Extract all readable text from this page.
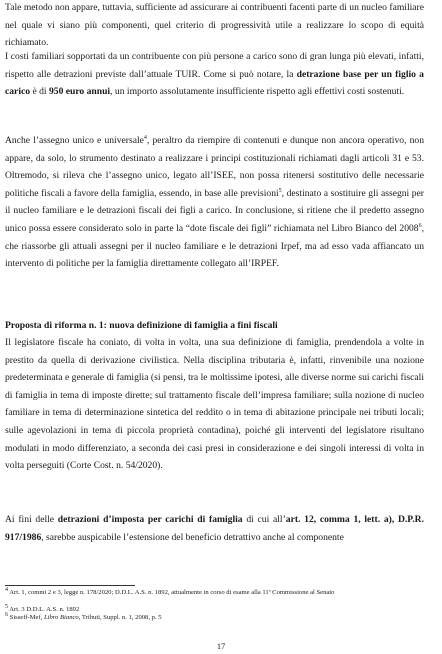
Tale metodo non appare, tuttavia, sufficiente ad assicurare ai contribuenti facenti parte di un nucleo familiare nel quale vi siano più componenti, quel criterio di progressività utile a realizzare lo scopo di equità richiamato.

I costi familiari sopportati da un contribuente con più persone a carico sono di gran lunga più elevati, infatti, rispetto alle detrazioni previste dall’attuale TUIR. Come si può notare, la detrazione base per un figlio a carico è di 950 euro annui, un importo assolutamente insufficiente rispetto agli effettivi costi sostenuti.

Anche l’assegno unico e universale$^4$, peraltro da riempire di contenuti e dunque non ancora operativo, non appare, da solo, lo strumento destinato a realizzare i principi costituzionali richiamati dagli articoli 31 e 53. Oltremodo, si rileva che l’assegno unico, legato all’ISEE, non possa ritenersi sostitutivo delle necessarie politiche fiscali a favore della famiglia, essendo, in base alle previsioni$^5$, destinato a sostituire gli assegni per il nucleo familiare e le detrazioni fiscali dei figli a carico. In conclusione, si ritiene che il predetto assegno unico possa essere considerato solo in parte la “dote fiscale dei figli” richiamata nel Libro Bianco del 2008$^6$, che riassorbe gli attuali assegni per il nucleo familiare e le detrazioni Irpef, ma ad esso vada affiancato un intervento di politiche per la famiglia direttamente collegato all’IRPEF.

Proposta di riforma n. 1: nuova definizione di famiglia a fini fiscali

Il legislatore fiscale ha coniato, di volta in volta, una sua definizione di famiglia, prendendola a volte in prestito da quella di derivazione civilistica. Nella disciplina tributaria è, infatti, rinvenibile una nozione predeterminata e generale di famiglia (si pensi, tra le moltissime ipotesi, alle diverse norme sui carichi fiscali di famiglia in tema di imposte dirette; sul trattamento fiscale dell’impresa familiare; sulla nozione di nucleo familiare in tema di determinazione sintetica del reddito o in tema di abitazione principale nei tributi locali; sulle agevolazioni in tema di piccola proprietà contadina), poiché gli interventi del legislatore risultano modulati in modo differenziato, a seconda dei casi presi in considerazione e dei singoli interessi di volta in volta perseguiti (Corte Cost. n. 54/2020).

Ai fini delle detrazioni d’imposta per carichi di famiglia di cui all’art. 12, comma 1, lett. a), D.P.R. 917/1986, sarebbe auspicabile l’estensione del beneficio detrattivo anche al componente

$^4$ Art. 1, commi 2 e 3, legge n. 178/2020; D.D.L. A.S. n. 1892, attualmente in corso di esame alla 11ª Commissione al Senato

$^5$ Art. 3 D.D.L. A.S. n. 1892

$^6$ Sisseff-Mef, Libro Bianco, Tributi, Suppl. n. 1, 2008, p. 5

17
